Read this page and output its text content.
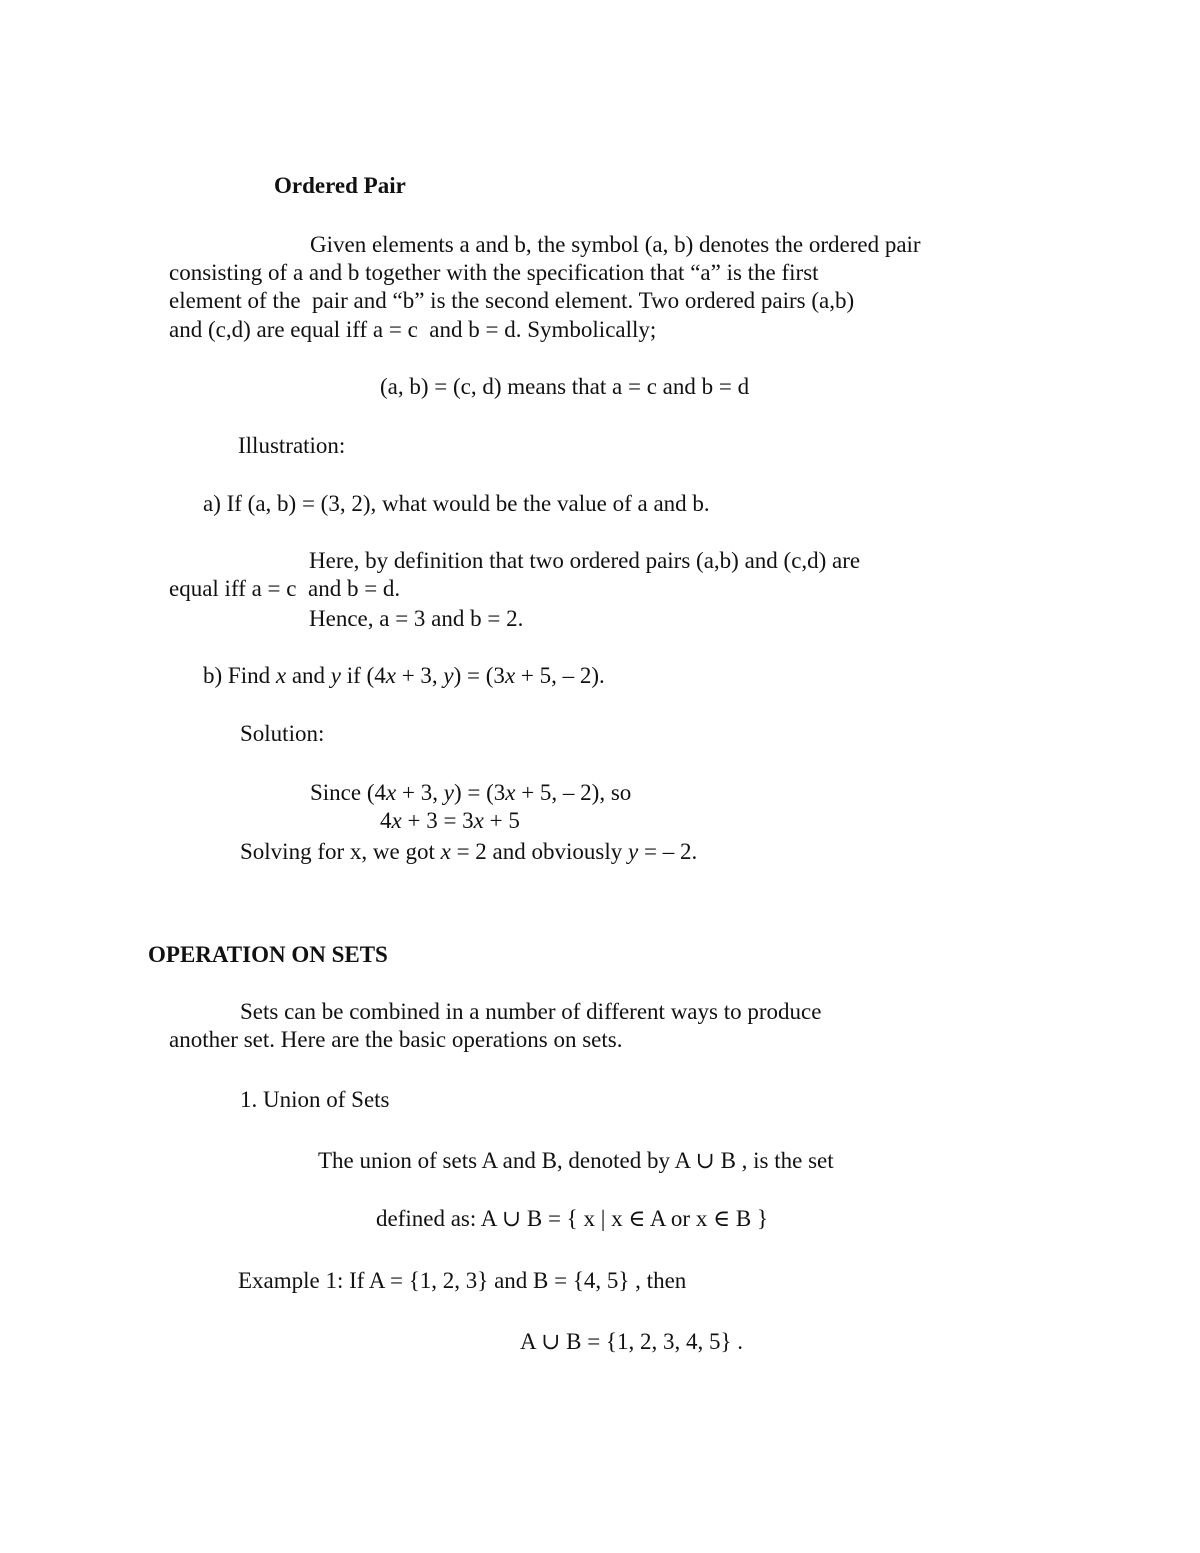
Ordered Pair
Given elements a and b, the symbol (a, b) denotes the ordered pair
consisting of a and b together with the specification that “a” is the first
element of the  pair and “b” is the second element. Two ordered pairs (a,b)
and (c,d) are equal iff a = c  and b = d. Symbolically;
(a, b) = (c, d) means that a = c and b = d
Illustration:
a) If (a, b) = (3, 2), what would be the value of a and b.
Here, by definition that two ordered pairs (a,b) and (c,d) are
equal iff a = c  and b = d.
Hence, a = 3 and b = 2.
b) Find x and y if (4x + 3, y) = (3x + 5, – 2).
Solution:
Since (4x + 3, y) = (3x + 5, – 2), so
4x + 3 = 3x + 5
Solving for x, we got x = 2 and obviously y = – 2.
OPERATION ON SETS
Sets can be combined in a number of different ways to produce
another set. Here are the basic operations on sets.
1. Union of Sets
The union of sets A and B, denoted by A ∪ B , is the set
defined as: A ∪ B = { x | x ∈ A or x ∈ B }
Example 1: If A = {1, 2, 3} and B = {4, 5} , then
A ∪ B = {1, 2, 3, 4, 5} .
